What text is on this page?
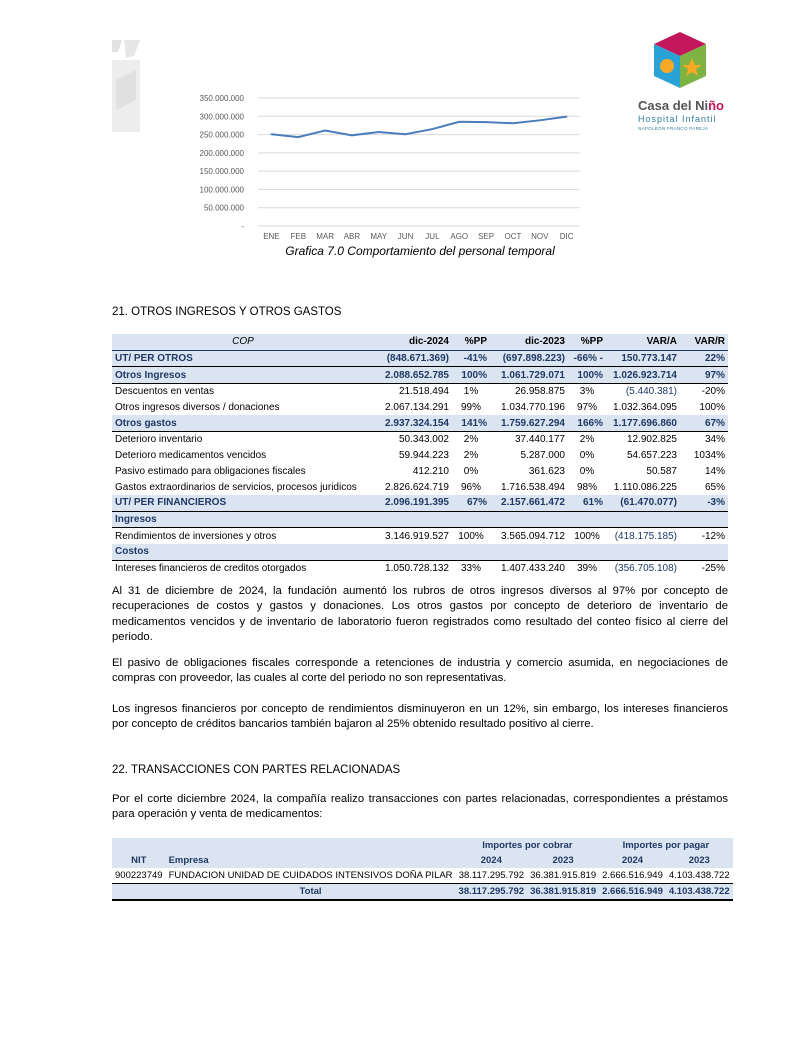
Casa del Niño
Hospital Infantil
NAPOLEÓN FRANCO PAREJA
350.000.000
300.000.000
250.000.000
200.000.000
150.000.000
100.000.000
50.000.000
-
ENE FEB MAR ABR MAY JUN JUL AGO SEP OCT NOV DIC
Grafica 7.0 Comportamiento del personal temporal
21. OTROS INGRESOS Y OTROS GASTOS
COP	dic-2024	%PP	dic-2023	%PP	VAR/A	VAR/R
UT/ PER OTROS	(848.671.369)	-41%	(697.898.223)	-66% -	150.773.147	22%
Otros Ingresos	2.088.652.785	100%	1.061.729.071	100%	1.026.923.714	97%
Descuentos en ventas	21.518.494	1%	26.958.875	3%	(5.440.381)	-20%
Otros ingresos diversos / donaciones	2.067.134.291	99%	1.034.770.196	97%	1.032.364.095	100%
Otros gastos	2.937.324.154	141%	1.759.627.294	166%	1.177.696.860	67%
Deterioro inventario	50.343.002	2%	37.440.177	2%	12.902.825	34%
Deterioro medicamentos vencidos	59.944.223	2%	5.287.000	0%	54.657.223	1034%
Pasivo estimado para obligaciones fiscales	412.210	0%	361.623	0%	50.587	14%
Gastos extraordinarios de servicios, procesos juridicos	2.826.624.719	96%	1.716.538.494	98%	1.110.086.225	65%
UT/ PER FINANCIEROS	2.096.191.395	67%	2.157.661.472	61%	(61.470.077)	-3%
Ingresos						
Rendimientos de inversiones y otros	3.146.919.527	100%	3.565.094.712	100%	(418.175.185)	-12%
Costos						
Intereses financieros de creditos otorgados	1.050.728.132	33%	1.407.433.240	39%	(356.705.108)	-25%
Al 31 de diciembre de 2024, la fundación aumentó los rubros de otros ingresos diversos al 97% por concepto de recuperaciones de costos y gastos y donaciones. Los otros gastos por concepto de deterioro de inventario de medicamentos vencidos y de inventario de laboratorio fueron registrados como resultado del conteo físico al cierre del periodo.
El pasivo de obligaciones fiscales corresponde a retenciones de industria y comercio asumida, en negociaciones de compras con proveedor, las cuales al corte del periodo no son representativas.
Los ingresos financieros por concepto de rendimientos disminuyeron en un 12%, sin embargo, los intereses financieros por concepto de créditos bancarios también bajaron al 25% obtenido resultado positivo al cierre.
22. TRANSACCIONES CON PARTES RELACIONADAS
Por el corte diciembre 2024, la compañía realizo transacciones con partes relacionadas, correspondientes a préstamos para operación y venta de medicamentos:
		Importes por cobrar		Importes por pagar	
NIT	Empresa	2024	2023	2024	2023
900223749	FUNDACION UNIDAD DE CUIDADOS INTENSIVOS DOÑA PILAR	38.117.295.792	36.381.915.819	2.666.516.949	4.103.438.722
	Total	38.117.295.792	36.381.915.819	2.666.516.949	4.103.438.722
